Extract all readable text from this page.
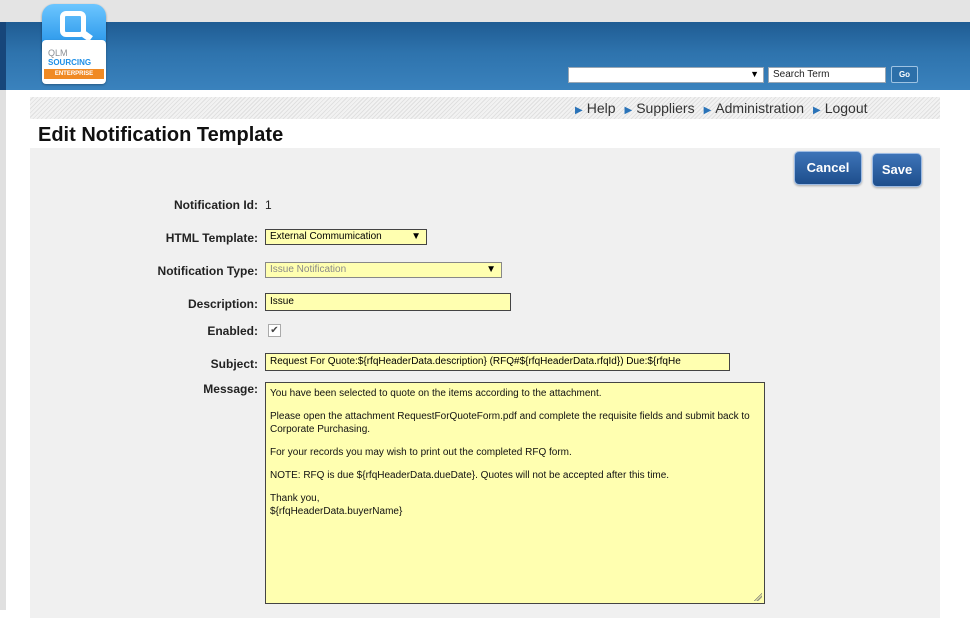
QLM
SOURCING
ENTERPRISE	▼	Search Term	Go
▶ Help ▶ Suppliers ▶ Administration ▶ Logout
Edit Notification Template
Cancel	Save
Notification Id: 1
HTML Template:	External Commumication	▼
Notification Type:	Issue Notification	▼
Description:	Issue
Enabled: ✔
Subject:	Request For Quote:${rfqHeaderData.description} (RFQ#${rfqHeaderData.rfqId}) Due:${rfqHe
Message: You have been selected to quote on the items according to the attachment.

Please open the attachment RequestForQuoteForm.pdf and complete the requisite fields and submit back to Corporate Purchasing.

For your records you may wish to print out the completed RFQ form.

NOTE: RFQ is due ${rfqHeaderData.dueDate}. Quotes will not be accepted after this time.

Thank you,

${rfqHeaderData.buyerName}
